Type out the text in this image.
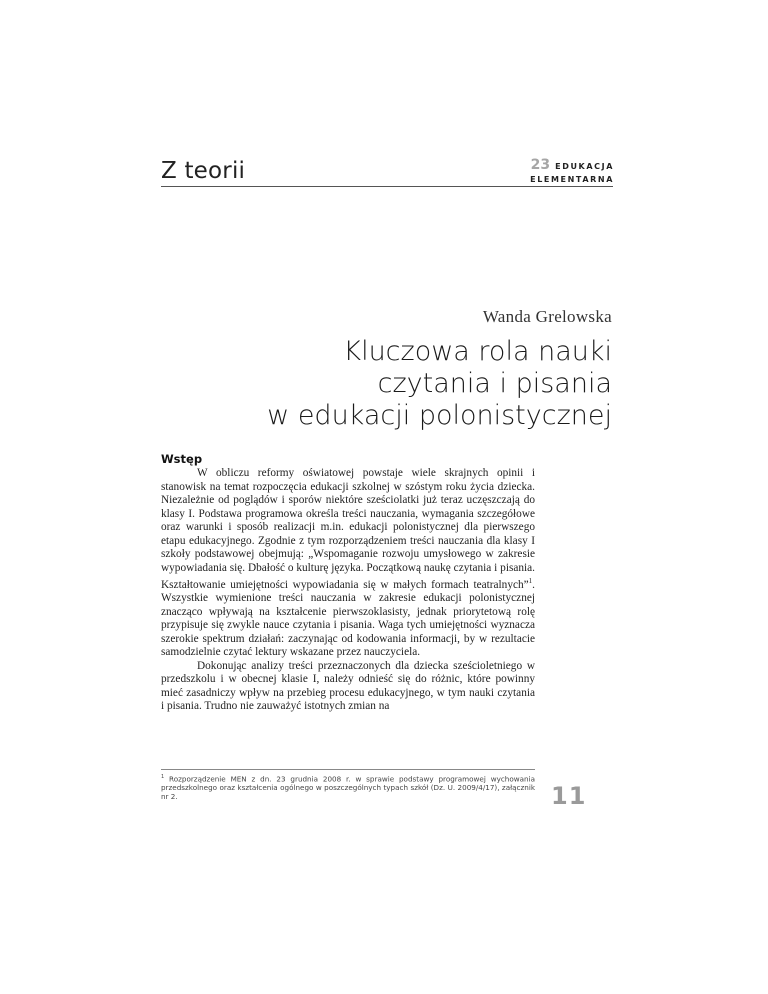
Z teorii	23 EDUKACJA
ELEMENTARNA
Wanda Grelowska
Kluczowa rola nauki
czytania i pisania
w edukacji polonistycznej
Wstęp

W obliczu reformy oświatowej powstaje wiele skrajnych opinii i stanowisk na temat rozpoczęcia edukacji szkolnej w szóstym roku życia dziecka. Niezależnie od poglądów i sporów niektóre sześciolatki już teraz uczęszczają do klasy I. Podstawa programowa określa treści nauczania, wymagania szczegółowe oraz warunki i sposób realizacji m.in. edukacji polonistycznej dla pierwszego etapu edukacyjnego. Zgodnie z tym rozporządzeniem treści nauczania dla klasy I szkoły podstawowej obejmują: „Wspomaganie rozwoju umysłowego w zakresie wypowiadania się. Dbałość o kulturę języka. Początkową naukę czytania i pisania. Kształtowanie umiejętności wypowiadania się w małych formach teatralnych”$^1$. Wszystkie wymienione treści nauczania w zakresie edukacji polonistycznej znacząco wpływają na kształcenie pierwszoklasisty, jednak priorytetową rolę przypisuje się zwykle nauce czytania i pisania. Waga tych umiejętności wyznacza szerokie spektrum działań: zaczynając od kodowania informacji, by w rezultacie samodzielnie czytać lektury wskazane przez nauczyciela.

Dokonując analizy treści przeznaczonych dla dziecka sześcioletniego w przedszkolu i w obecnej klasie I, należy odnieść się do różnic, które powinny mieć zasadniczy wpływ na przebieg procesu edukacyjnego, w tym nauki czytania i pisania. Trudno nie zauważyć istotnych zmian na

$^1$ Rozporządzenie MEN z dn. 23 grudnia 2008 r. w sprawie podstawy programowej wychowania przedszkolnego oraz kształcenia ogólnego w poszczególnych typach szkół (Dz. U. 2009/4/17), załącznik nr 2.	11
